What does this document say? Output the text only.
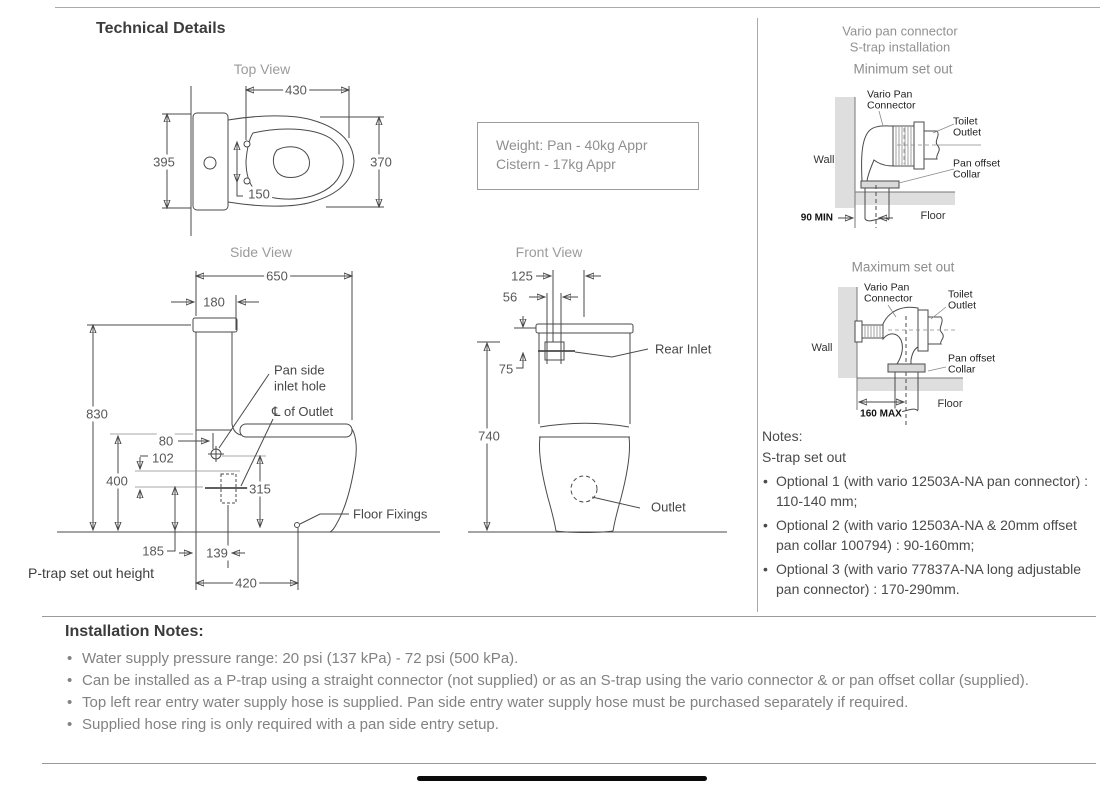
Technical Details
Weight: Pan - 40kg Appr
Cistern - 17kg Appr
Top View
430
395	370
150
Side View
650
180
830
80
102
400
315
185	139
420
Pan side
inlet hole
℄ of Outlet
Floor Fixings
P-trap set out height
Front View
125
56
75
740
Rear Inlet
Outlet
Vario pan connector
S-trap installation
Minimum set out
Vario Pan
Connector
Toilet
Outlet
Wall	Pan offset
Collar
90 MIN	Floor
Maximum set out
Vario Pan
Connector	Toilet
Outlet
Wall
Pan offset
Collar
160 MAX
Floor
Notes:
S-trap set out
• Optional 1 (with vario 12503A-NA pan connector) : 110-140 mm;
• Optional 2 (with vario 12503A-NA & 20mm offset pan collar 100794) : 90-160mm;
• Optional 3 (with vario 77837A-NA long adjustable pan connector) : 170-290mm.
Installation Notes:
• Water supply pressure range: 20 psi (137 kPa) - 72 psi (500 kPa).
• Can be installed as a P-trap using a straight connector (not supplied) or as an S-trap using the vario connector & or pan offset collar (supplied).
• Top left rear entry water supply hose is supplied. Pan side entry water supply hose must be purchased separately if required.
• Supplied hose ring is only required with a pan side entry setup.
